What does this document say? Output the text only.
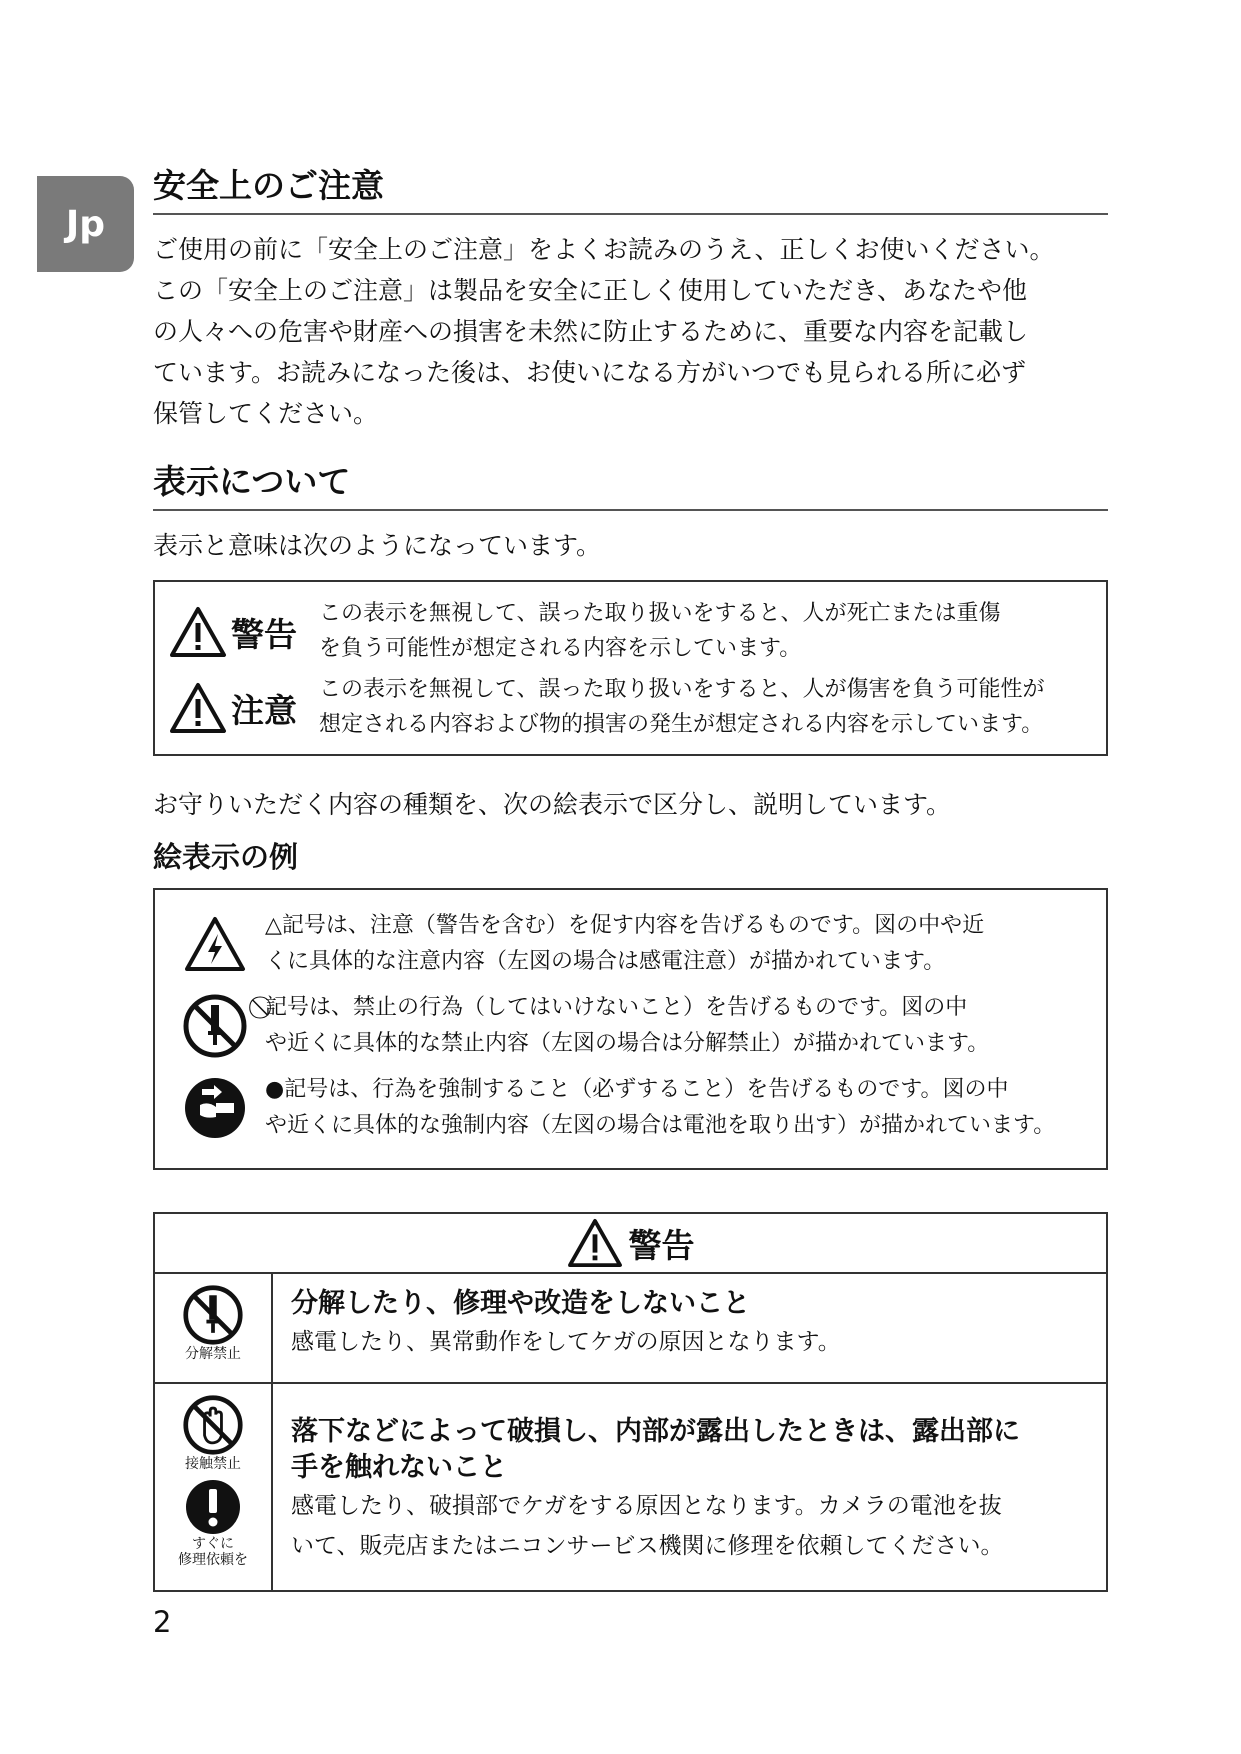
Jp
安全上のご注意
ご使用の前に「安全上のご注意」をよくお読みのうえ、正しくお使いください。
この「安全上のご注意」は製品を安全に正しく使用していただき、あなたや他
の人々への危害や財産への損害を未然に防止するために、重要な内容を記載し
ています。お読みになった後は、お使いになる方がいつでも見られる所に必ず
保管してください。
表示について
表示と意味は次のようになっています。
警告
この表示を無視して、誤った取り扱いをすると、人が死亡または重傷
を負う可能性が想定される内容を示しています。
注意
この表示を無視して、誤った取り扱いをすると、人が傷害を負う可能性が
想定される内容および物的損害の発生が想定される内容を示しています。
お守りいただく内容の種類を、次の絵表示で区分し、説明しています。
絵表示の例
△記号は、注意（警告を含む）を促す内容を告げるものです。図の中や近
くに具体的な注意内容（左図の場合は感電注意）が描かれています。
⃠記号は、禁止の行為（してはいけないこと）を告げるものです。図の中
や近くに具体的な禁止内容（左図の場合は分解禁止）が描かれています。
●記号は、行為を強制すること（必ずすること）を告げるものです。図の中
や近くに具体的な強制内容（左図の場合は電池を取り出す）が描かれています。
警告
分解禁止
分解したり、修理や改造をしないこと
感電したり、異常動作をしてケガの原因となります。
接触禁止
すぐに
修理依頼を
落下などによって破損し、内部が露出したときは、露出部に
手を触れないこと
感電したり、破損部でケガをする原因となります。カメラの電池を抜
いて、販売店またはニコンサービス機関に修理を依頼してください。
2
